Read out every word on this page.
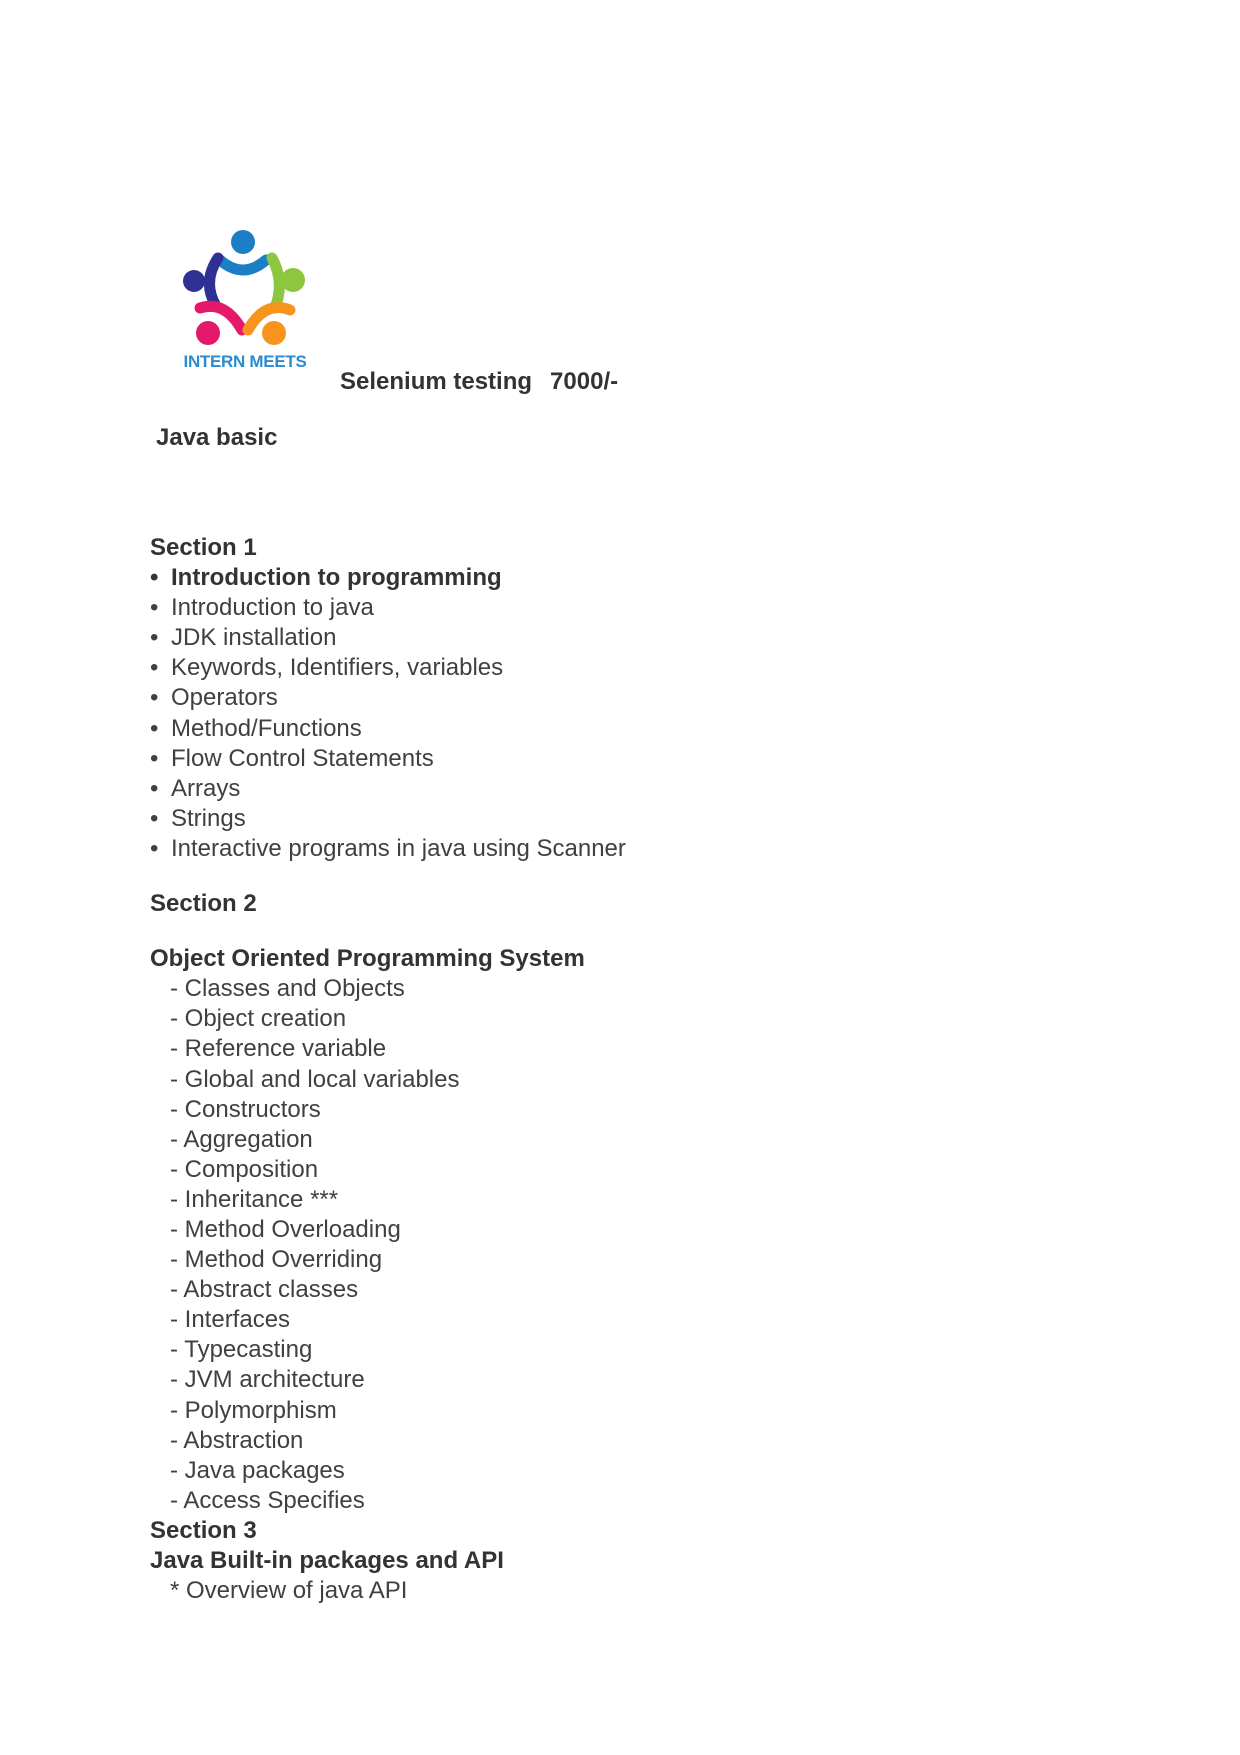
INTERN MEETS
Selenium testing 7000/-
Java basic
Section 1
• Introduction to programming
• Introduction to java
• JDK installation
• Keywords, Identifiers, variables
• Operators
• Method/Functions
• Flow Control Statements
• Arrays
• Strings
• Interactive programs in java using Scanner
Section 2
Object Oriented Programming System
- Classes and Objects
- Object creation
- Reference variable
- Global and local variables
- Constructors
- Aggregation
- Composition
- Inheritance ***
- Method Overloading
- Method Overriding
- Abstract classes
- Interfaces
- Typecasting
- JVM architecture
- Polymorphism
- Abstraction
- Java packages
- Access Specifies
Section 3
Java Built-in packages and API
* Overview of java API
